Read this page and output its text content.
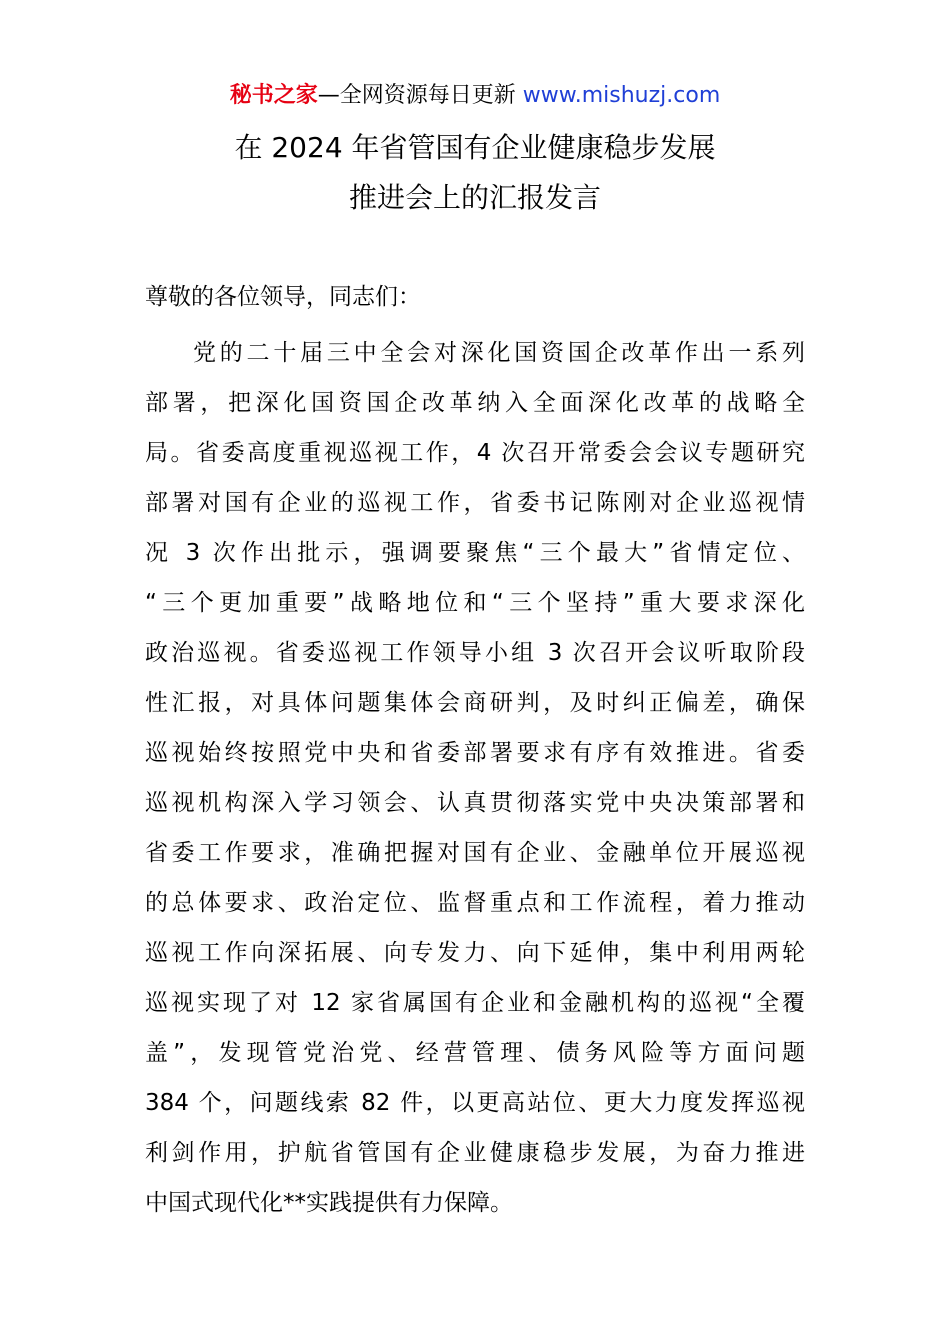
秘书之家—全网资源每日更新 www.mishuzj.com
在 2024 年省管国有企业健康稳步发展
推进会上的汇报发言
尊敬的各位领导，同志们：
党的二十届三中全会对深化国资国企改革作出一系列
部署，把深化国资国企改革纳入全面深化改革的战略全
局。省委高度重视巡视工作，4 次召开常委会会议专题研究
部署对国有企业的巡视工作，省委书记陈刚对企业巡视情
况 3 次作出批示，强调要聚焦“三个最大”省情定位、
“三个更加重要”战略地位和“三个坚持”重大要求深化
政治巡视。省委巡视工作领导小组 3 次召开会议听取阶段
性汇报，对具体问题集体会商研判，及时纠正偏差，确保
巡视始终按照党中央和省委部署要求有序有效推进。省委
巡视机构深入学习领会、认真贯彻落实党中央决策部署和
省委工作要求，准确把握对国有企业、金融单位开展巡视
的总体要求、政治定位、监督重点和工作流程，着力推动
巡视工作向深拓展、向专发力、向下延伸，集中利用两轮
巡视实现了对 12 家省属国有企业和金融机构的巡视“全覆
盖”，发现管党治党、经营管理、债务风险等方面问题
384 个，问题线索 82 件，以更高站位、更大力度发挥巡视
利剑作用，护航省管国有企业健康稳步发展，为奋力推进
中国式现代化**实践提供有力保障。
